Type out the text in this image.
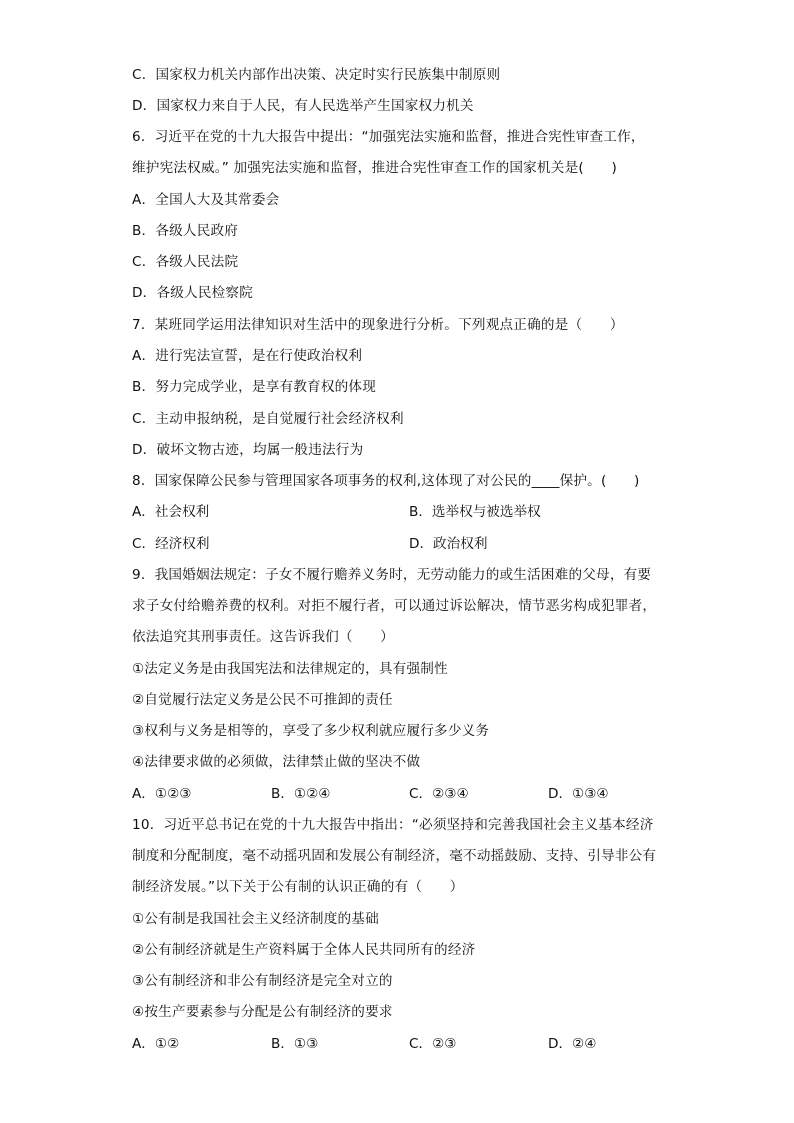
C．国家权力机关内部作出决策、决定时实行民族集中制原则
D．国家权力来自于人民，有人民选举产生国家权力机关
6．习近平在党的十九大报告中提出：“加强宪法实施和监督，推进合宪性审查工作，
维护宪法权威。” 加强宪法实施和监督，推进合宪性审查工作的国家机关是(　　)
A．全国人大及其常委会
B．各级人民政府
C．各级人民法院
D．各级人民检察院
7．某班同学运用法律知识对生活中的现象进行分析。下列观点正确的是（　　）
A．进行宪法宣誓，是在行使政治权利
B．努力完成学业，是享有教育权的体现
C．主动申报纳税，是自觉履行社会经济权利
D．破坏文物古迹，均属一般违法行为
8．国家保障公民参与管理国家各项事务的权利,这体现了对公民的____保护。(　　)
A．社会权利	B．选举权与被选举权
C．经济权利	D．政治权利
9．我国婚姻法规定：子女不履行赡养义务时，无劳动能力的或生活困难的父母，有要
求子女付给赡养费的权利。对拒不履行者，可以通过诉讼解决，情节恶劣构成犯罪者，
依法追究其刑事责任。这告诉我们（　　）
①法定义务是由我国宪法和法律规定的，具有强制性
②自觉履行法定义务是公民不可推卸的责任
③权利与义务是相等的，享受了多少权利就应履行多少义务
④法律要求做的必须做，法律禁止做的坚决不做
A．①②③	B．①②④	C．②③④	D．①③④
10．习近平总书记在党的十九大报告中指出：“必须坚持和完善我国社会主义基本经济
制度和分配制度，毫不动摇巩固和发展公有制经济，毫不动摇鼓励、支持、引导非公有
制经济发展。”以下关于公有制的认识正确的有（　　）
①公有制是我国社会主义经济制度的基础
②公有制经济就是生产资料属于全体人民共同所有的经济
③公有制经济和非公有制经济是完全对立的
④按生产要素参与分配是公有制经济的要求
A．①②	B．①③	C．②③	D．②④
